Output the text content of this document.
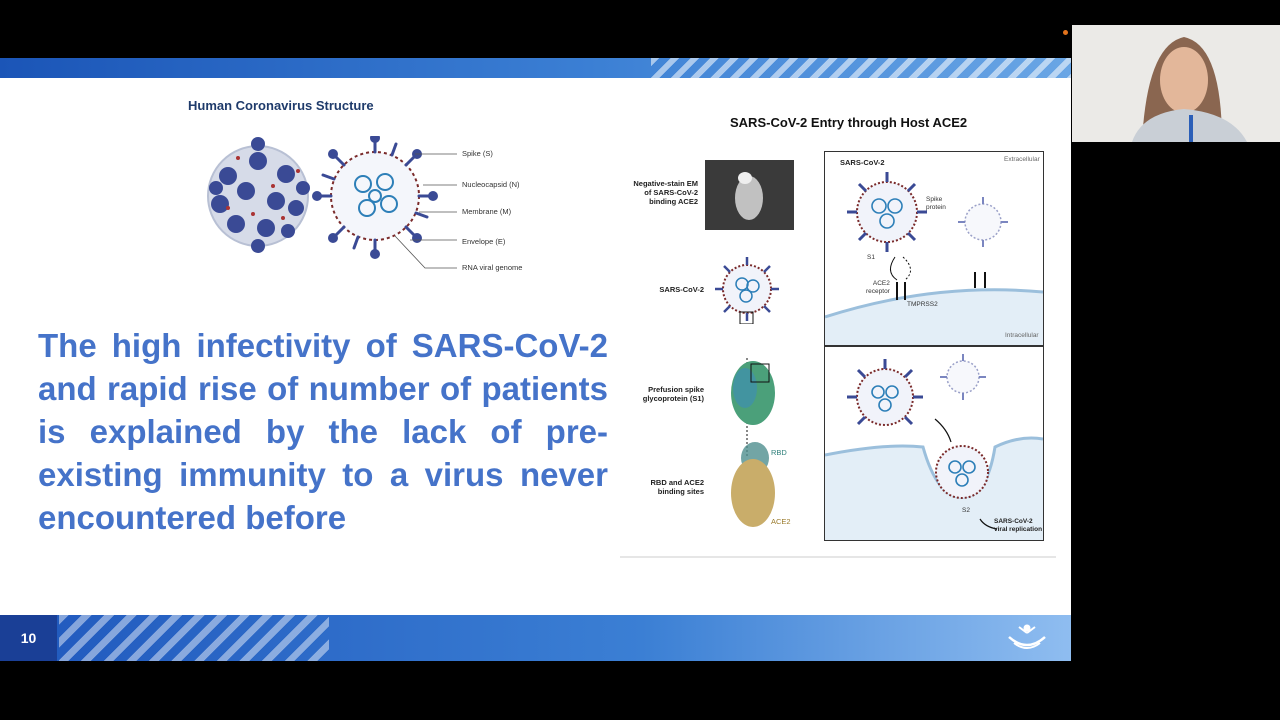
Human Coronavirus Structure
Spike (S)
Nucleocapsid (N)
Membrane (M)
Envelope (E)
RNA viral genome
The high infectivity of SARS-CoV-2 and rapid rise of number of patients is explained by the lack of pre-existing immunity to a virus never encountered before
SARS-CoV-2 Entry through Host ACE2
Negative-stain EM
of SARS-CoV-2
binding ACE2
SARS-CoV-2
Prefusion spike
glycoprotein (S1)
RBD and ACE2
binding sites
RBD
ACE2
SARS-CoV-2	Extracellular
Intracellular
Spike
protein
S1
ACE2
receptor
TMPRSS2
S2
SARS-CoV-2
viral replication
10
